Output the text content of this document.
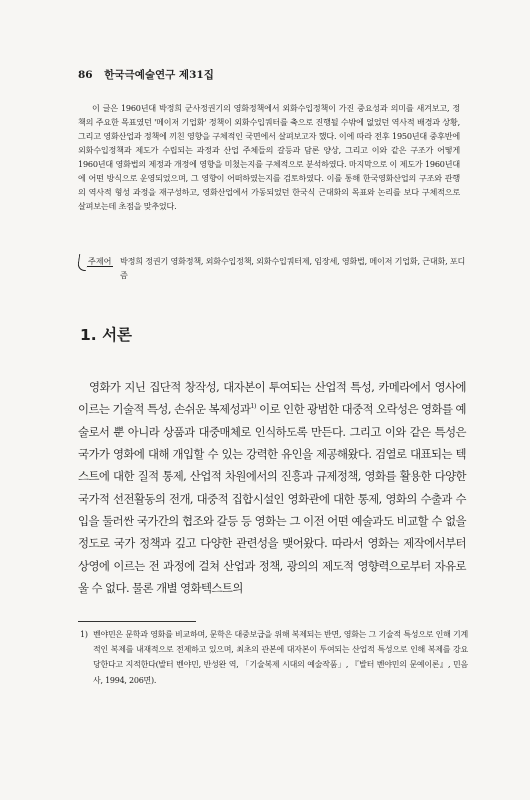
86 한국극예술연구 제31집

이 글은 1960년대 박정희 군사정권기의 영화정책에서 외화수입정책이 가진 중요성과 의미를 새겨보고, 정책의 주요한 목표였던 '메이저 기업화' 정책이 외화수입쿼터를 축으로 진행될 수밖에 없었던 역사적 배경과 상황, 그리고 영화산업과 정책에 끼친 영향을 구체적인 국면에서 살펴보고자 했다. 이에 따라 전후 1950년대 중후반에 외화수입정책과 제도가 수립되는 과정과 산업 주체들의 갈등과 담론 양상, 그리고 이와 같은 구조가 어떻게 1960년대 영화법의 제정과 개정에 영향을 미쳤는지를 구체적으로 분석하였다. 마지막으로 이 제도가 1960년대에 어떤 방식으로 운영되었으며, 그 영향이 어떠하였는지를 검토하였다. 이를 통해 한국영화산업의 구조와 관행의 역사적 형성 과정을 재구성하고, 영화산업에서 가동되었던 한국식 근대화의 목표와 논리를 보다 구체적으로 살펴보는데 초점을 맞추었다.

주제어 박정희 정권기 영화정책, 외화수입정책, 외화수입쿼터제, 임장세, 영화법, 메이저 기업화, 근대화, 포디즘
1. 서론

영화가 지닌 집단적 창작성, 대자본이 투여되는 산업적 특성, 카메라에서 영사에 이르는 기술적 특성, 손쉬운 복제성과$^{1)}$ 이로 인한 광범한 대중적 오락성은 영화를 예술로서 뿐 아니라 상품과 대중매체로 인식하도록 만든다. 그리고 이와 같은 특성은 국가가 영화에 대해 개입할 수 있는 강력한 유인을 제공해왔다. 검열로 대표되는 텍스트에 대한 질적 통제, 산업적 차원에서의 진흥과 규제정책, 영화를 활용한 다양한 국가적 선전활동의 전개, 대중적 집합시설인 영화관에 대한 통제, 영화의 수출과 수입을 둘러싼 국가간의 협조와 갈등 등 영화는 그 이전 어떤 예술과도 비교할 수 없을 정도로 국가 정책과 깊고 다양한 관련성을 맺어왔다. 따라서 영화는 제작에서부터 상영에 이르는 전 과정에 걸쳐 산업과 정책, 광의의 제도적 영향력으로부터 자유로울 수 없다. 물론 개별 영화텍스트의

1) 벤야민은 문학과 영화를 비교하며, 문학은 대중보급을 위해 복제되는 반면, 영화는 그 기술적 특성으로 인해 기계적인 복제를 내재적으로 전제하고 있으며, 최초의 관본에 대자본이 투여되는 산업적 특성으로 인해 복제를 강요당한다고 지적한다(발터 벤야민, 반성완 역, 「기술복제 시대의 예술작품」, 『발터 벤야민의 문예이론』, 민음사, 1994, 206면).
